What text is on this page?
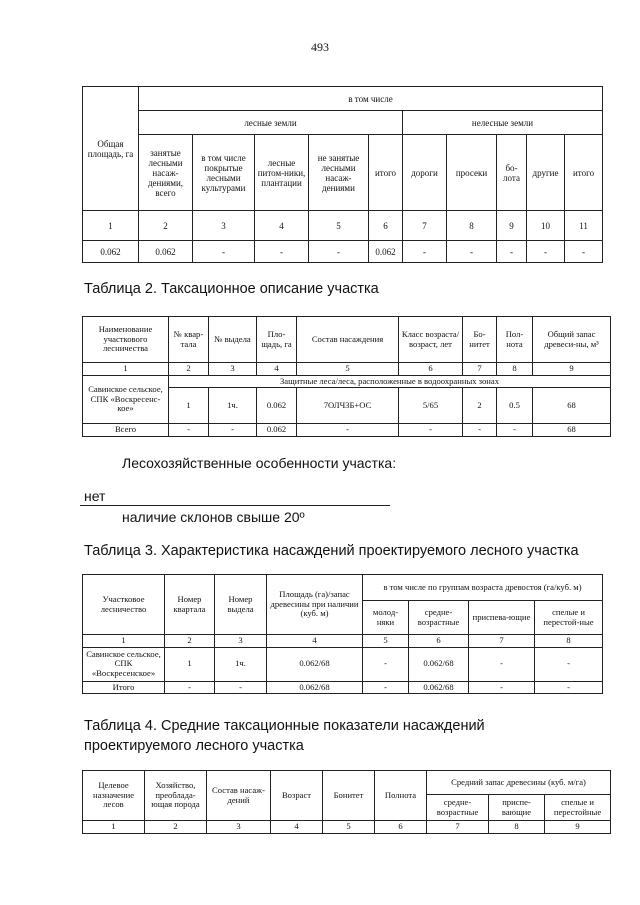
493
Общая площадь, га	в том числе									
	лесные земли					нелесные земли				
	занятые лесными насаж-дениями, всего	в том числе покрытые лесными культурами	лесные питом-ники, плантации	не занятые лесными насаж-дениями	итого	дороги	просеки	бо-лота	другие	итого
1	2	3	4	5	6	7	8	9	10	11
0.062	0.062	-	-	-	0.062	-	-	-	-	-
Таблица 2. Таксационное описание участка
Наименование участкового лесничества	№ квар-тала	№ выдела	Пло-щадь, га	Состав насаждения	Класс возраста/ возраст, лет	Бо-нитет	Пол-нота	Общий запас древеси-ны, м³
1	2	3	4	5	6	7	8	9
Савинское сельское, СПК «Воскресенс-кое»	Защитные леса/леса, расположенные в водоохранных зонах							
	1	1ч.	0.062	7ОЛЧ3Б+ОС	5/65	2	0.5	68
Всего	-	-	0.062	-	-	-	-	68
Лесохозяйственные особенности участка:
нет
наличие склонов свыше 20º
Таблица 3. Характеристика насаждений проектируемого лесного участка
Участковое лесничество	Номер квартала	Номер выдела	Площадь (га)/запас древесины при наличии (куб. м)	в том числе по группам возраста древостоя (га/куб. м)			
				молод-няки	средне-возрастные	приспева-ющие	спелые и перестой-ные
1	2	3	4	5	6	7	8
Савинское сельское, СПК «Воскресенское»	1	1ч.	0.062/68	-	0.062/68	-	-
Итого	-	-	0.062/68	-	0.062/68	-	-
Таблица 4. Средние таксационные показатели насаждений проектируемого лесного участка
Целевое назначение лесов	Хозяйство, преоблада-ющая порода	Состав насаж-дений	Возраст	Бонитет	Полнота	Средний запас древесины (куб. м/га)		
						средне-возрастные	приспе-вающие	спелые и перестойные
1	2	3	4	5	6	7	8	9
